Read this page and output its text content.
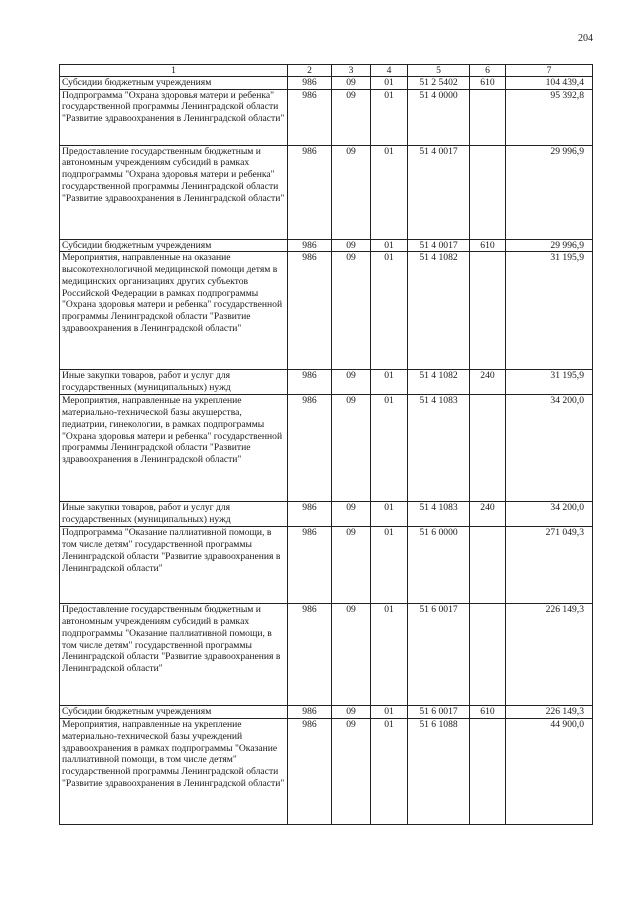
204
1	2	3	4	5	6	7

Субсидии бюджетным учреждениям	986	09	01	51 2 5402	610	104 439,4

Подпрограмма "Охрана здоровья матери и ребенка" государственной программы Ленинградской области "Развитие здравоохранения в Ленинградской области"	986	09	01	51 4 0000		95 392,8

Предоставление государственным бюджетным и автономным учреждениям субсидий в рамках подпрограммы "Охрана здоровья матери и ребенка" государственной программы Ленинградской области "Развитие здравоохранения в Ленинградской области"	986	09	01	51 4 0017		29 996,9

Субсидии бюджетным учреждениям	986	09	01	51 4 0017	610	29 996,9

Мероприятия, направленные на оказание высокотехнологичной медицинской помощи детям в медицинских организациях других субъектов Российской Федерации в рамках подпрограммы "Охрана здоровья матери и ребенка" государственной программы Ленинградской области "Развитие здравоохранения в Ленинградской области"	986	09	01	51 4 1082		31 195,9

Иные закупки товаров, работ и услуг для государственных (муниципальных) нужд	986	09	01	51 4 1082	240	31 195,9

Мероприятия, направленные на укрепление материально-технической базы акушерства, педиатрии, гинекологии, в рамках подпрограммы "Охрана здоровья матери и ребенка" государственной программы Ленинградской области "Развитие здравоохранения в Ленинградской области"	986	09	01	51 4 1083		34 200,0

Иные закупки товаров, работ и услуг для государственных (муниципальных) нужд	986	09	01	51 4 1083	240	34 200,0

Подпрограмма "Оказание паллиативной помощи, в том числе детям" государственной программы Ленинградской области "Развитие здравоохранения в Ленинградской области"	986	09	01	51 6 0000		271 049,3

Предоставление государственным бюджетным и автономным учреждениям субсидий в рамках подпрограммы "Оказание паллиативной помощи, в том числе детям" государственной программы Ленинградской области "Развитие здравоохранения в Ленинградской области"	986	09	01	51 6 0017		226 149,3

Субсидии бюджетным учреждениям	986	09	01	51 6 0017	610	226 149,3

Мероприятия, направленные на укрепление материально-технической базы учреждений здравоохранения в рамках подпрограммы "Оказание паллиативной помощи, в том числе детям" государственной программы Ленинградской области "Развитие здравоохранения в Ленинградской области"	986	09	01	51 6 1088		44 900,0
